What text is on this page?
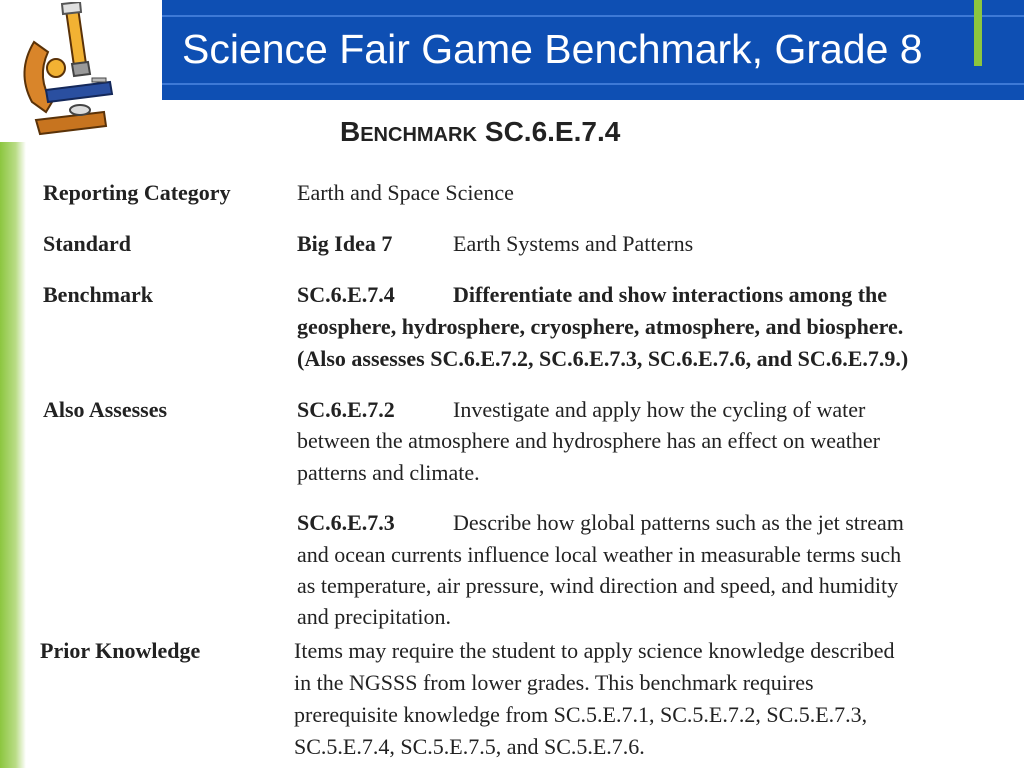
Science Fair Game Benchmark, Grade 8
Benchmark SC.6.E.7.4
Reporting Category	Earth and Space Science
Standard	Big Idea 7	Earth Systems and Patterns
Benchmark	SC.6.E.7.4	Differentiate and show interactions among the
geosphere, hydrosphere, cryosphere, atmosphere, and biosphere.
(Also assesses SC.6.E.7.2, SC.6.E.7.3, SC.6.E.7.6, and SC.6.E.7.9.)
Also Assesses	SC.6.E.7.2	Investigate and apply how the cycling of water
between the atmosphere and hydrosphere has an effect on weather
patterns and climate.
SC.6.E.7.3	Describe how global patterns such as the jet stream
and ocean currents influence local weather in measurable terms such
as temperature, air pressure, wind direction and speed, and humidity
and precipitation.
Prior Knowledge	Items may require the student to apply science knowledge described
in the NGSSS from lower grades. This benchmark requires
prerequisite knowledge from SC.5.E.7.1, SC.5.E.7.2, SC.5.E.7.3,
SC.5.E.7.4, SC.5.E.7.5, and SC.5.E.7.6.
